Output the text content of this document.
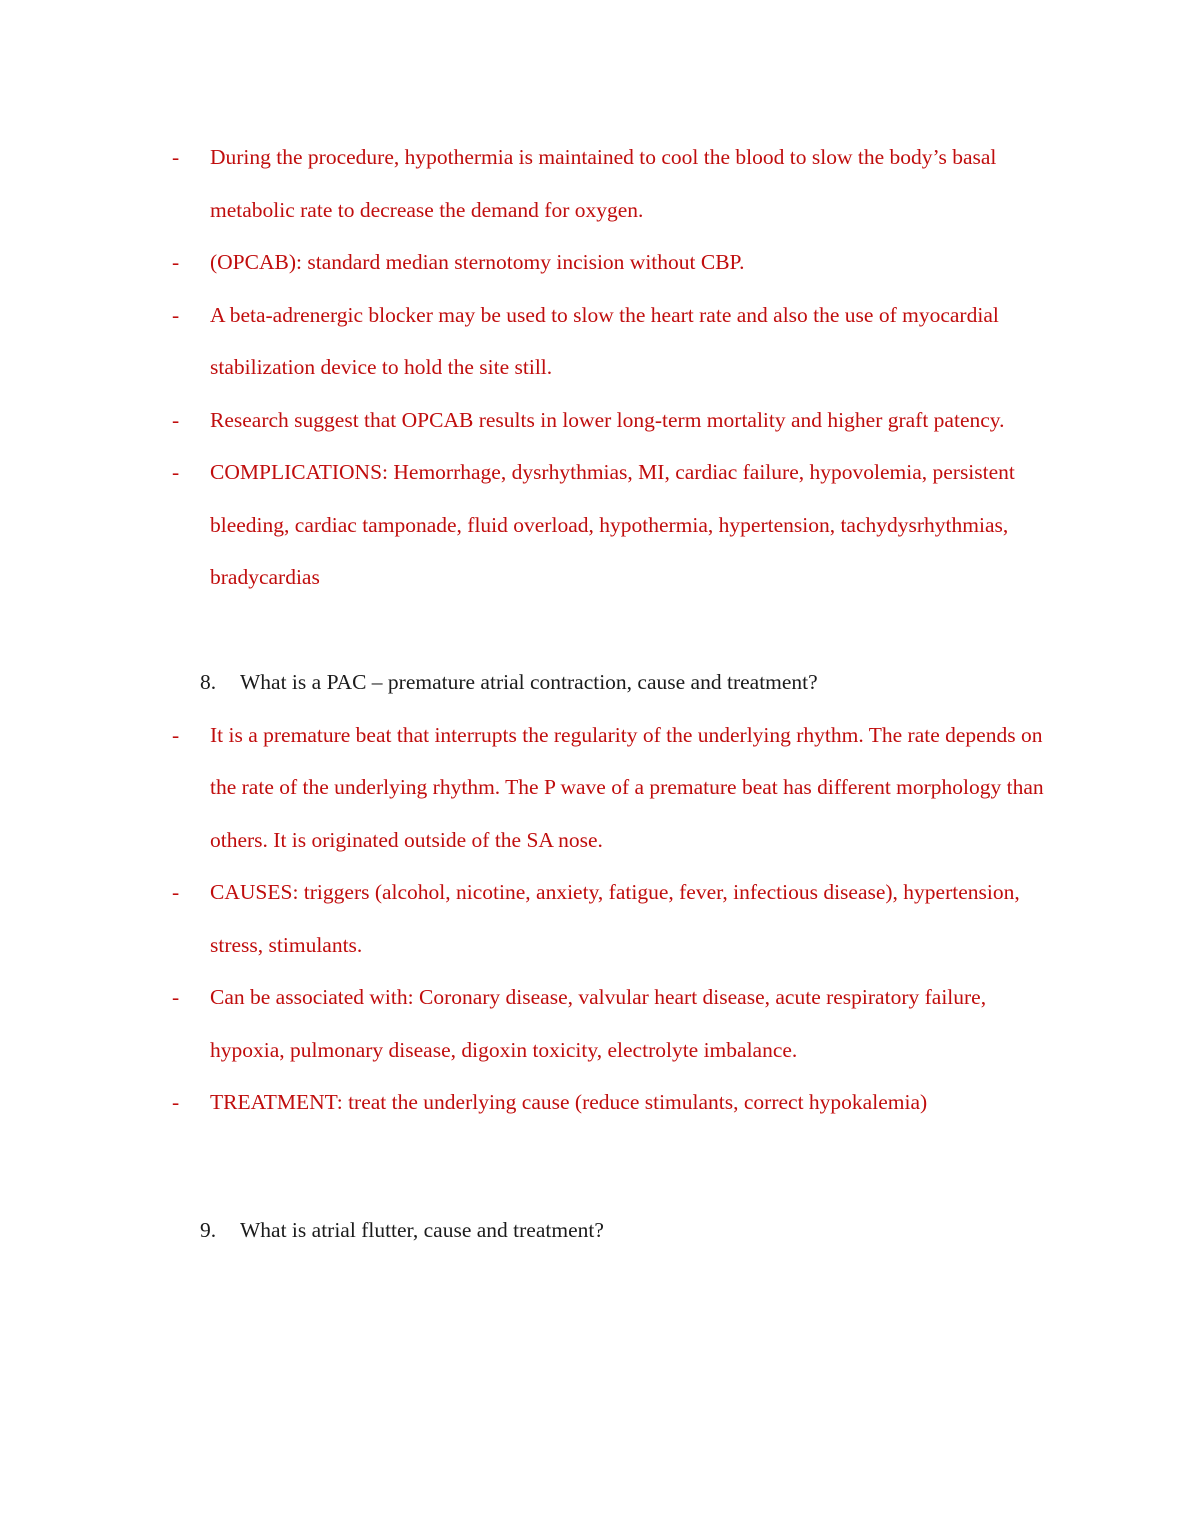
-	During the procedure, hypothermia is maintained to cool the blood to slow the body’s basal metabolic rate to decrease the demand for oxygen.
-	(OPCAB): standard median sternotomy incision without CBP.
-	A beta-adrenergic blocker may be used to slow the heart rate and also the use of myocardial stabilization device to hold the site still.
-	Research suggest that OPCAB results in lower long-term mortality and higher graft patency.
-	COMPLICATIONS: Hemorrhage, dysrhythmias, MI, cardiac failure, hypovolemia, persistent bleeding, cardiac tamponade, fluid overload, hypothermia, hypertension, tachydysrhythmias, bradycardias
8.	What is a PAC – premature atrial contraction, cause and treatment?
-	It is a premature beat that interrupts the regularity of the underlying rhythm. The rate depends on the rate of the underlying rhythm. The P wave of a premature beat has different morphology than others. It is originated outside of the SA nose.
-	CAUSES: triggers (alcohol, nicotine, anxiety, fatigue, fever, infectious disease), hypertension, stress, stimulants.
-	Can be associated with: Coronary disease, valvular heart disease, acute respiratory failure, hypoxia, pulmonary disease, digoxin toxicity, electrolyte imbalance.
-	TREATMENT: treat the underlying cause (reduce stimulants, correct hypokalemia)
9.	What is atrial flutter, cause and treatment?
